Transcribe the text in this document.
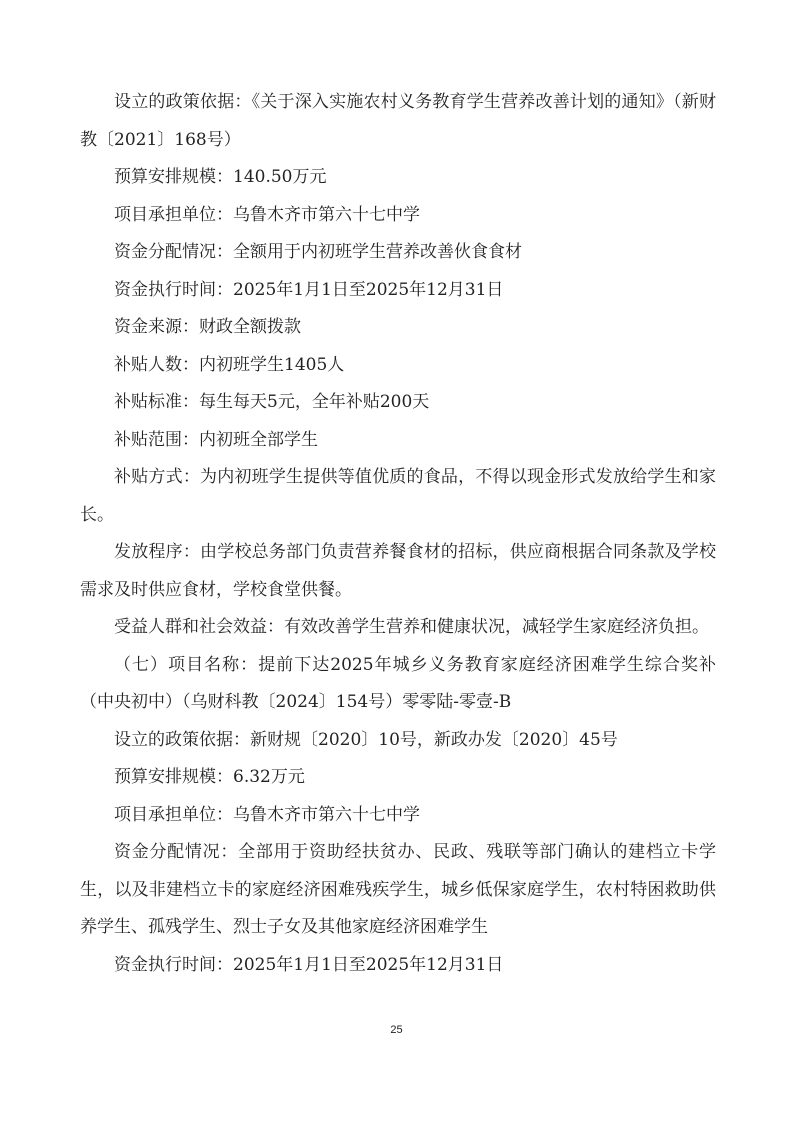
设立的政策依据：《关于深入实施农村义务教育学生营养改善计划的通知》（新财教〔2021〕168号）

预算安排规模：140.50万元

项目承担单位：乌鲁木齐市第六十七中学

资金分配情况：全额用于内初班学生营养改善伙食食材

资金执行时间：2025年1月1日至2025年12月31日

资金来源：财政全额拨款

补贴人数：内初班学生1405人

补贴标准：每生每天5元，全年补贴200天

补贴范围：内初班全部学生

补贴方式：为内初班学生提供等值优质的食品，不得以现金形式发放给学生和家长。

发放程序：由学校总务部门负责营养餐食材的招标，供应商根据合同条款及学校需求及时供应食材，学校食堂供餐。

受益人群和社会效益：有效改善学生营养和健康状况，减轻学生家庭经济负担。

（七）项目名称：提前下达2025年城乡义务教育家庭经济困难学生综合奖补（中央初中）（乌财科教〔2024〕154号）零零陆-零壹-B

设立的政策依据：新财规〔2020〕10号，新政办发〔2020〕45号

预算安排规模：6.32万元

项目承担单位：乌鲁木齐市第六十七中学

资金分配情况：全部用于资助经扶贫办、民政、残联等部门确认的建档立卡学生，以及非建档立卡的家庭经济困难残疾学生，城乡低保家庭学生，农村特困救助供养学生、孤残学生、烈士子女及其他家庭经济困难学生

资金执行时间：2025年1月1日至2025年12月31日

25
